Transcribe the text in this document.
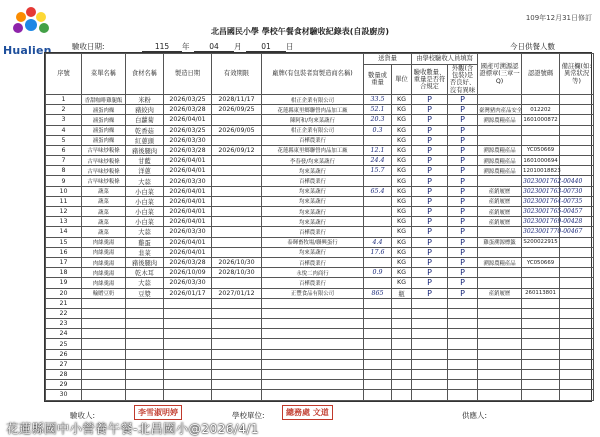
Hualien
109年12月31日修訂
北昌國民小學 學校午餐食材驗收紀錄表(自設廚房)
驗收日期:	115 年	04 月	01 日	今日供餐人數
序號	菜單名稱	食材名稱	製造日期	有效期限	廠牌(有包裝者寫製造商名稱)	送貨量		由學校驗收人員填寫		國產可溯源認證標章(三章一Q)	認證號碼	備註欄(如:異常狀況等)
						數量或重量	單位	驗收數量、重量是否符合規定	外觀(含包裝)是否良好、沒有異味			
1	香甜咖啡雞腿飯	米粉	2026/03/25	2028/11/17	柑正企業有限公司	33.5	KG	P	P			
2	滷蛋肉燥	豬絞肉	2026/03/28	2026/09/25	花蓮縣東里鄉聯營肉品加工廠	52.1	KG	P	P	臺灣豬肉產品安全	012202	
3	滷蛋肉燥	白蘿蔔	2026/04/01		陳阿和/均來菜蔬行	20.3	KG	P	P	溯源農糧產品	1601000872	
4	滷蛋肉燥	乾香菇	2026/03/25	2026/09/05	柑正企業有限公司	0.3	KG	P	P			
5	滷蛋肉燥	紅蔥頭	2026/03/30		百樺農業行		KG	P	P			
6	古早味炒粄條	豬後腿肉	2026/03/28	2026/09/12	花蓮縣東里鄉聯營肉品加工廠	12.1	KG	P	P	溯源農糧產品	YC050669	
7	古早味炒粄條	甘藍	2026/04/01		李春發/均來菜蔬行	24.4	KG	P	P	溯源農糧產品	1601000694	
8	古早味炒粄條	洋蔥	2026/04/01		均來菜蔬行	15.7	KG	P	P	溯源農糧產品	12010018823	
9	古早味炒粄條	大蒜	2026/03/30		百樺農業行		KG	P	P		3023001762-00440	
10	蔬菜	小白菜	2026/04/01		均來菜蔬行	65.4	KG	P	P	產銷履歷	3023001763-00730	
11	蔬菜	小白菜	2026/04/01		均來菜蔬行		KG	P	P	產銷履歷	3023001764-00735	
12	蔬菜	小白菜	2026/04/01		均來菜蔬行		KG	P	P	產銷履歷	3023001765-00457	
13	蔬菜	小白菜	2026/04/01		均來菜蔬行		KG	P	P	產銷履歷	3023001769-00428	
14	蔬菜	大蒜	2026/03/30		百樺農業行		KG	P	P		3023001770-00467	
15	肉絲羹湯	雞蛋	2026/04/01		泰暉畜牧場/聯興蛋行	4.4	KG	P	P	雞蛋溯源標籤	S200022915	
16	肉絲羹湯	韭菜	2026/04/01		均來菜蔬行	17.6	KG	P	P			
17	肉絲羹湯	豬後腿肉	2026/03/28	2026/10/30	百樺農業行		KG	P	P	溯源農糧產品	YC050669	
18	肉絲羹湯	乾木耳	2026/10/09	2028/10/30	永悅二肉商行	0.9	KG	P	P			
19	肉絲羹湯	大蒜	2026/03/30		百樺農業行		KG	P	P			
20	輸贈豆奶	豆漿	2026/01/17	2027/01/12	正豐食品有限公司	865	瓶	P	P	產銷履歷	260113801	
21												
22												
23												
24												
25												
26												
27												
28												
29												
30												
驗收人:	李雪淑明婷	學校單位:	總務處 文道	供應人:
花蓮縣國中小營養午餐-北昌國小@2026/4/1
